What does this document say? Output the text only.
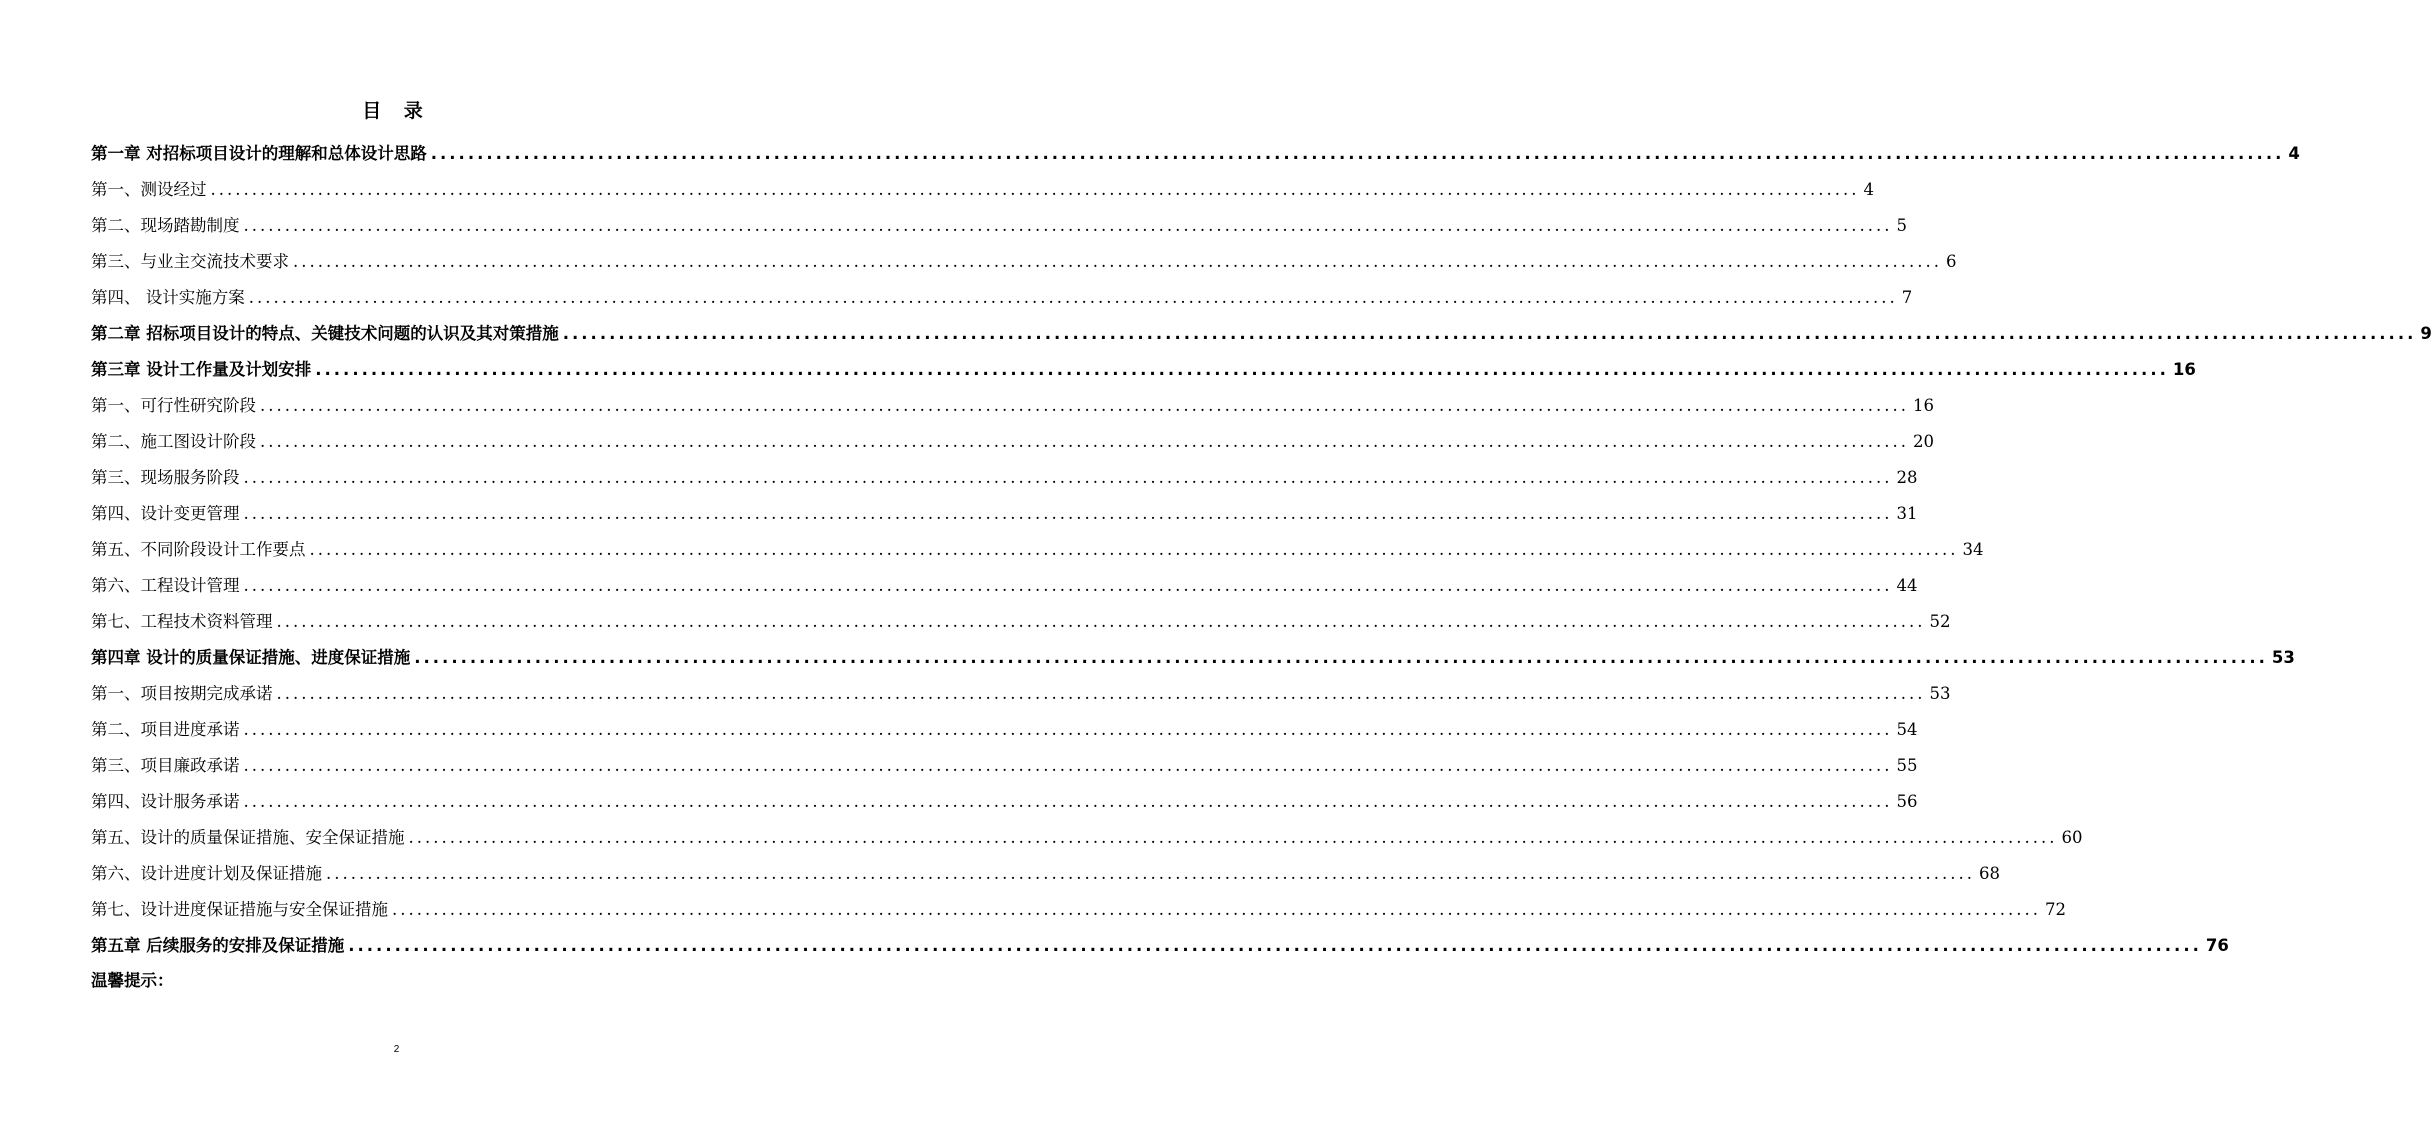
目 录
第一章 对招标项目设计的理解和总体设计思路 ........................................................................................................................................................................................................ 4
第一、测设经过 ........................................................................................................................................................................................................ 4
第二、现场踏勘制度 ........................................................................................................................................................................................................ 5
第三、与业主交流技术要求 ........................................................................................................................................................................................................ 6
第四、 设计实施方案 ........................................................................................................................................................................................................ 7
第二章 招标项目设计的特点、关键技术问题的认识及其对策措施 ........................................................................................................................................................................................................ 9
第三章 设计工作量及计划安排 ........................................................................................................................................................................................................ 16
第一、可行性研究阶段 ........................................................................................................................................................................................................ 16
第二、施工图设计阶段 ........................................................................................................................................................................................................ 20
第三、现场服务阶段 ........................................................................................................................................................................................................ 28
第四、设计变更管理 ........................................................................................................................................................................................................ 31
第五、不同阶段设计工作要点 ........................................................................................................................................................................................................ 34
第六、工程设计管理 ........................................................................................................................................................................................................ 44
第七、工程技术资料管理 ........................................................................................................................................................................................................ 52
第四章 设计的质量保证措施、进度保证措施 ........................................................................................................................................................................................................ 53
第一、项目按期完成承诺 ........................................................................................................................................................................................................ 53
第二、项目进度承诺 ........................................................................................................................................................................................................ 54
第三、项目廉政承诺 ........................................................................................................................................................................................................ 55
第四、设计服务承诺 ........................................................................................................................................................................................................ 56
第五、设计的质量保证措施、安全保证措施 ........................................................................................................................................................................................................ 60
第六、设计进度计划及保证措施 ........................................................................................................................................................................................................ 68
第七、设计进度保证措施与安全保证措施 ........................................................................................................................................................................................................ 72
第五章 后续服务的安排及保证措施 ........................................................................................................................................................................................................ 76
温馨提示：
2
